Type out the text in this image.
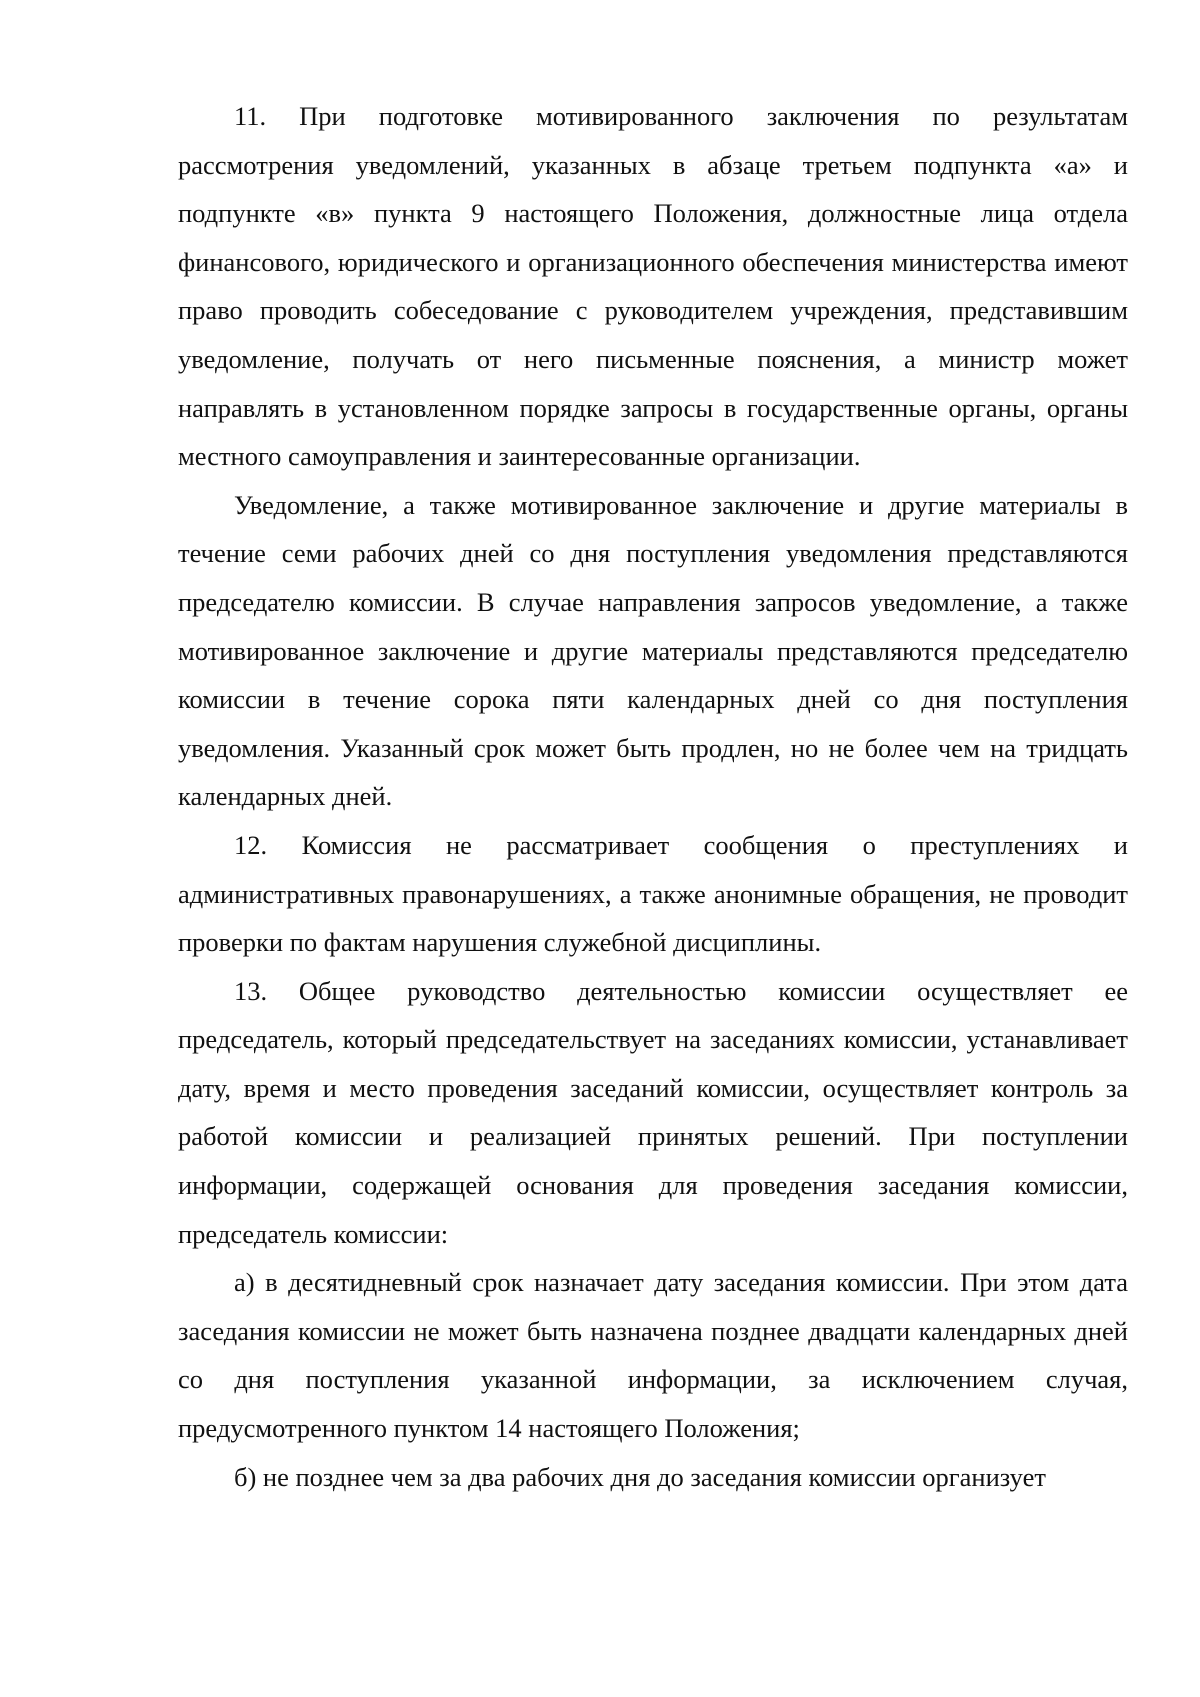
11. При подготовке мотивированного заключения по результатам рассмотрения уведомлений, указанных в абзаце третьем подпункта «а» и подпункте «в» пункта 9 настоящего Положения, должностные лица отдела финансового, юридического и организационного обеспечения министерства имеют право проводить собеседование с руководителем учреждения, представившим уведомление, получать от него письменные пояснения, а министр может направлять в установленном порядке запросы в государственные органы, органы местного самоуправления и заинтересованные организации.

Уведомление, а также мотивированное заключение и другие материалы в течение семи рабочих дней со дня поступления уведомления представляются председателю комиссии. В случае направления запросов уведомление, а также мотивированное заключение и другие материалы представляются председателю комиссии в течение сорока пяти календарных дней со дня поступления уведомления. Указанный срок может быть продлен, но не более чем на тридцать календарных дней.

12. Комиссия не рассматривает сообщения о преступлениях и административных правонарушениях, а также анонимные обращения, не проводит проверки по фактам нарушения служебной дисциплины.

13. Общее руководство деятельностью комиссии осуществляет ее председатель, который председательствует на заседаниях комиссии, устанавливает дату, время и место проведения заседаний комиссии, осуществляет контроль за работой комиссии и реализацией принятых решений. При поступлении информации, содержащей основания для проведения заседания комиссии, председатель комиссии:

а) в десятидневный срок назначает дату заседания комиссии. При этом дата заседания комиссии не может быть назначена позднее двадцати календарных дней со дня поступления указанной информации, за исключением случая, предусмотренного пунктом 14 настоящего Положения;

б) не позднее чем за два рабочих дня до заседания комиссии организует
